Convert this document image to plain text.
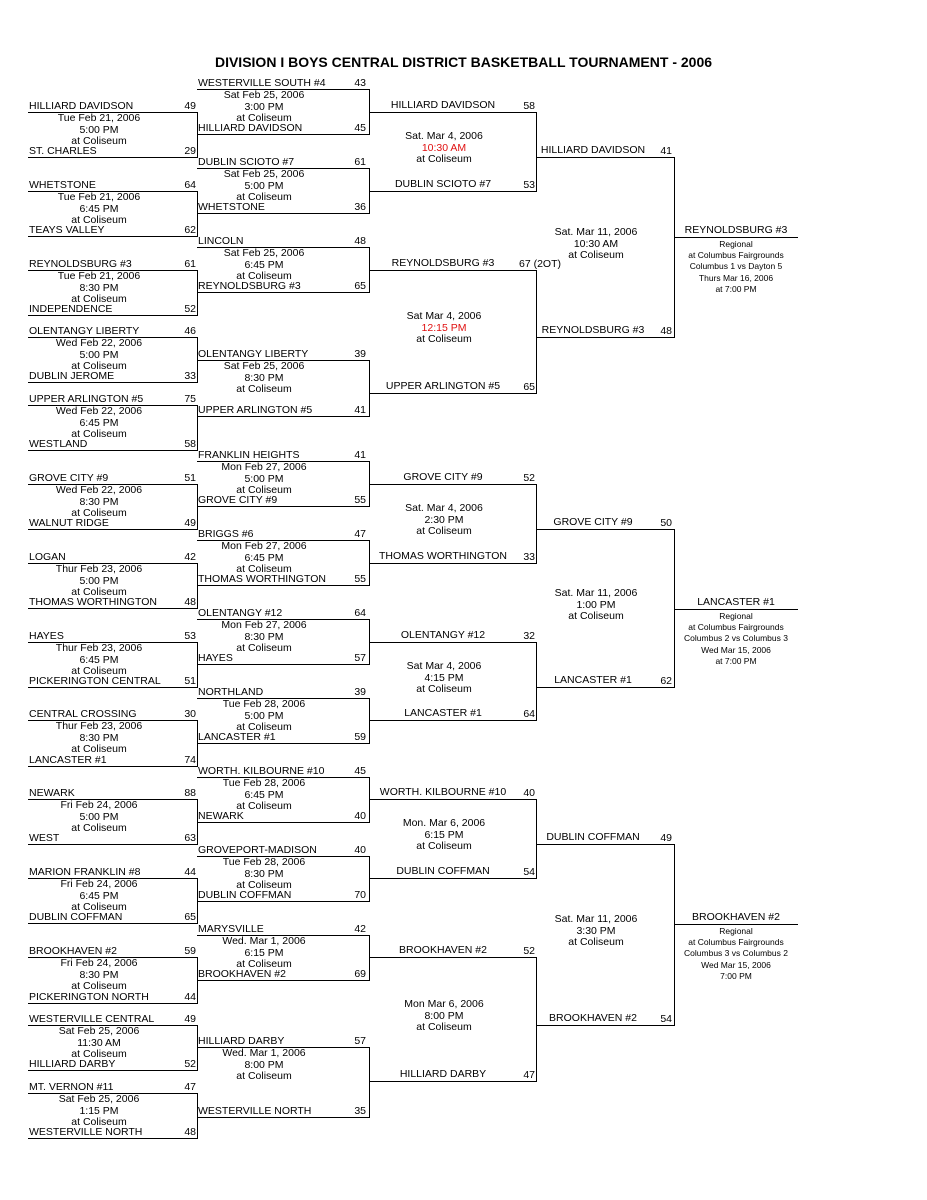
DIVISION I BOYS CENTRAL DISTRICT BASKETBALL TOURNAMENT - 2006
HILLIARD DAVIDSON
ST. CHARLES
49
29
Tue Feb 21, 2006
5:00 PM
at Coliseum
WHETSTONE
TEAYS VALLEY
64
62
Tue Feb 21, 2006
6:45 PM
at Coliseum
REYNOLDSBURG #3
INDEPENDENCE
61
52
Tue Feb 21, 2006
8:30 PM
at Coliseum
OLENTANGY LIBERTY
DUBLIN JEROME
46
33
Wed Feb 22, 2006
5:00 PM
at Coliseum
UPPER ARLINGTON #5
WESTLAND
75
58
Wed Feb 22, 2006
6:45 PM
at Coliseum
GROVE CITY #9
WALNUT RIDGE
51
49
Wed Feb 22, 2006
8:30 PM
at Coliseum
LOGAN
THOMAS WORTHINGTON
42
48
Thur Feb 23, 2006
5:00 PM
at Coliseum
HAYES
PICKERINGTON CENTRAL
53
51
Thur Feb 23, 2006
6:45 PM
at Coliseum
CENTRAL CROSSING
LANCASTER #1
30
74
Thur Feb 23, 2006
8:30 PM
at Coliseum
NEWARK
WEST
88
63
Fri Feb 24, 2006
5:00 PM
at Coliseum
MARION FRANKLIN #8
DUBLIN COFFMAN
44
65
Fri Feb 24, 2006
6:45 PM
at Coliseum
BROOKHAVEN #2
PICKERINGTON NORTH
59
44
Fri Feb 24, 2006
8:30 PM
at Coliseum
WESTERVILLE CENTRAL
HILLIARD DARBY
49
52
Sat Feb 25, 2006
11:30 AM
at Coliseum
MT. VERNON #11
WESTERVILLE NORTH
47
48
Sat Feb 25, 2006
1:15 PM
at Coliseum
WESTERVILLE SOUTH #4
HILLIARD DAVIDSON
43
45
Sat Feb 25, 2006
3:00 PM
at Coliseum
DUBLIN SCIOTO #7
WHETSTONE
61
36
Sat Feb 25, 2006
5:00 PM
at Coliseum
LINCOLN
REYNOLDSBURG #3
48
65
Sat Feb 25, 2006
6:45 PM
at Coliseum
OLENTANGY LIBERTY
UPPER ARLINGTON #5
39
41
Sat Feb 25, 2006
8:30 PM
at Coliseum
FRANKLIN HEIGHTS
GROVE CITY #9
41
55
Mon Feb 27, 2006
5:00 PM
at Coliseum
BRIGGS #6
THOMAS WORTHINGTON
47
55
Mon Feb 27, 2006
6:45 PM
at Coliseum
OLENTANGY #12
HAYES
64
57
Mon Feb 27, 2006
8:30 PM
at Coliseum
NORTHLAND
LANCASTER #1
39
59
Tue Feb 28, 2006
5:00 PM
at Coliseum
WORTH. KILBOURNE #10
NEWARK
45
40
Tue Feb 28, 2006
6:45 PM
at Coliseum
GROVEPORT-MADISON
DUBLIN COFFMAN
40
70
Tue Feb 28, 2006
8:30 PM
at Coliseum
MARYSVILLE
BROOKHAVEN #2
42
69
Wed. Mar 1, 2006
6:15 PM
at Coliseum
HILLIARD DARBY
WESTERVILLE NORTH
57
35
Wed. Mar 1, 2006
8:00 PM
at Coliseum
HILLIARD DAVIDSON
DUBLIN SCIOTO #7
58
53
Sat. Mar 4, 2006
10:30 AM
at Coliseum
REYNOLDSBURG #3
UPPER ARLINGTON #5
67 (2OT)
65
Sat Mar 4, 2006
12:15 PM
at Coliseum
GROVE CITY #9
THOMAS WORTHINGTON
52
33
Sat. Mar 4, 2006
2:30 PM
at Coliseum
OLENTANGY #12
LANCASTER #1
32
64
Sat Mar 4, 2006
4:15 PM
at Coliseum
WORTH. KILBOURNE #10
DUBLIN COFFMAN
40
54
Mon. Mar 6, 2006
6:15 PM
at Coliseum
BROOKHAVEN #2
HILLIARD DARBY
52
47
Mon Mar 6, 2006
8:00 PM
at Coliseum
HILLIARD DAVIDSON
REYNOLDSBURG #3
41
48
Sat. Mar 11, 2006
10:30 AM
at Coliseum
GROVE CITY #9
LANCASTER #1
50
62
Sat. Mar 11, 2006
1:00 PM
at Coliseum
DUBLIN COFFMAN
BROOKHAVEN #2
49
54
Sat. Mar 11, 2006
3:30 PM
at Coliseum
REYNOLDSBURG #3
Regional
at Columbus Fairgrounds
Columbus 1 vs Dayton 5
Thurs Mar 16, 2006
at 7:00 PM
LANCASTER #1
Regional
at Columbus Fairgrounds
Columbus 2 vs Columbus 3
Wed Mar 15, 2006
at 7:00 PM
BROOKHAVEN #2
Regional
at Columbus Fairgrounds
Columbus 3 vs Columbus 2
Wed Mar 15, 2006
7:00 PM
